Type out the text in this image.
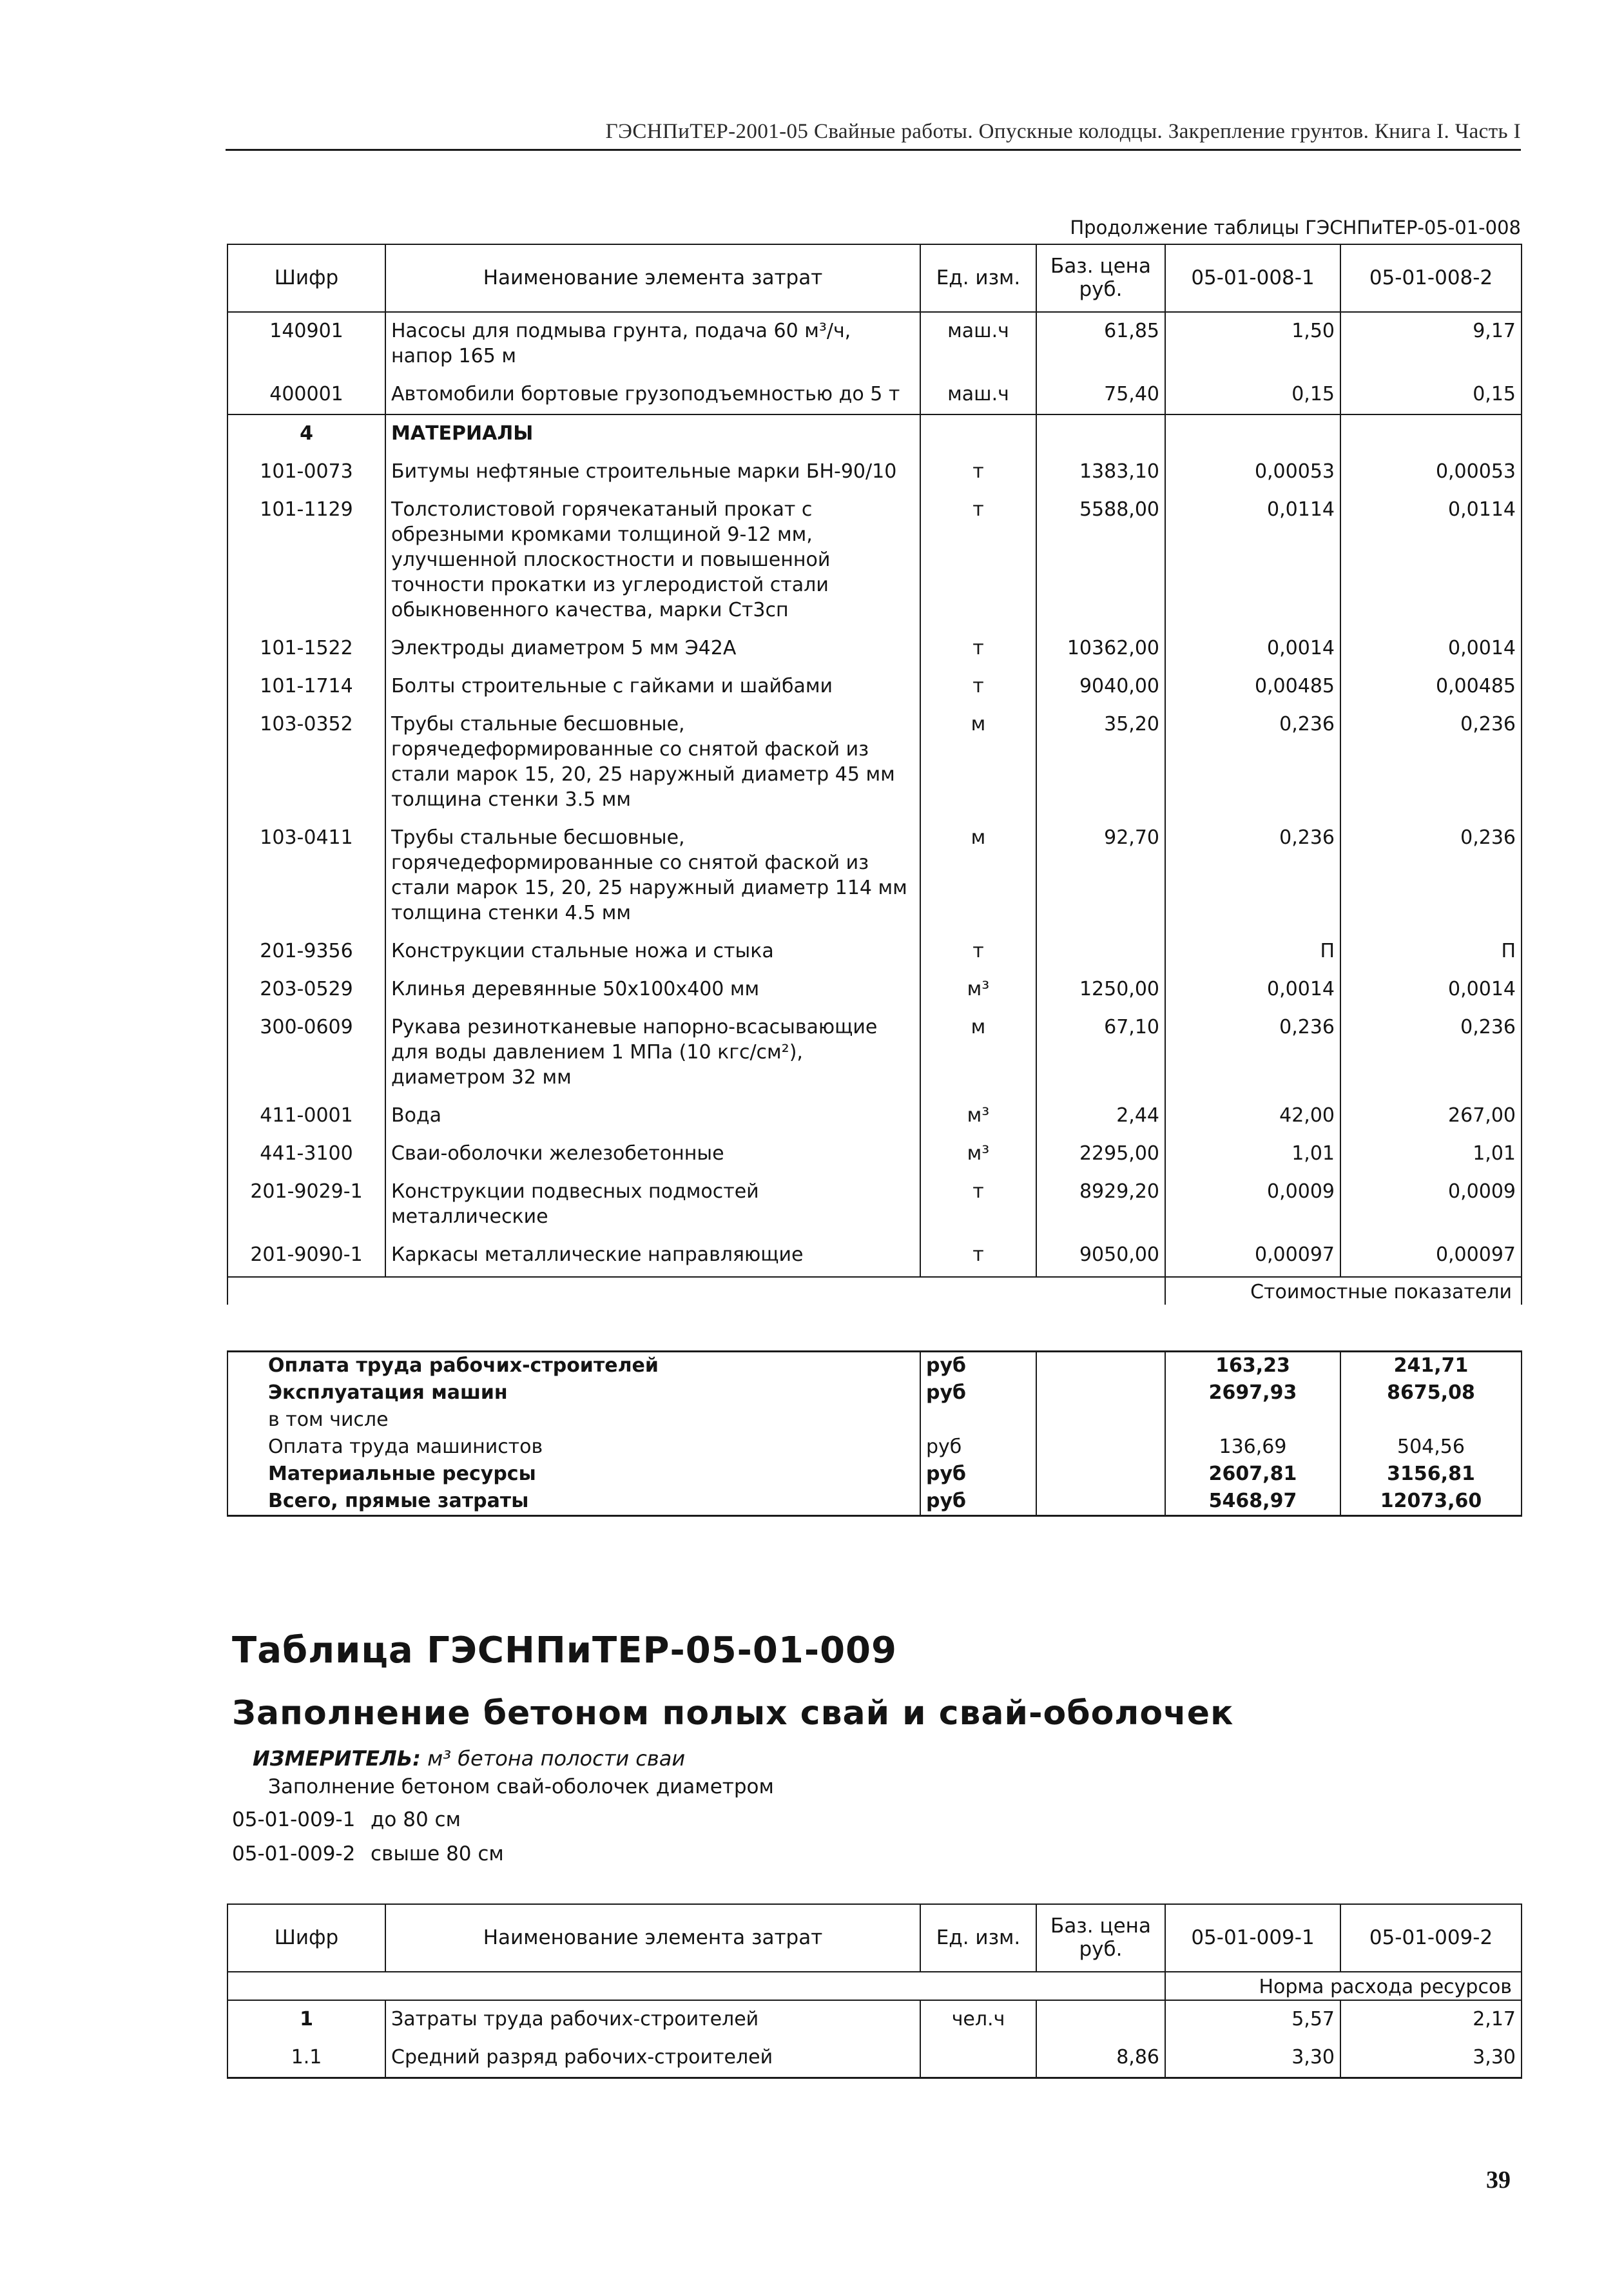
ГЭСНПиТЕР-2001-05 Свайные работы. Опускные колодцы. Закрепление грунтов. Книга I. Часть I
Продолжение таблицы ГЭСНПиТЕР-05-01-008
Шифр	Наименование элемента затрат	Ед. изм.	Баз. цена руб.	05-01-008-1	05-01-008-2
140901	Насосы для подмыва грунта, подача 60 м³/ч, напор 165 м	маш.ч	61,85	1,50	9,17
400001	Автомобили бортовые грузоподъемностью до 5 т	маш.ч	75,40	0,15	0,15
4	МАТЕРИАЛЫ				
101-0073	Битумы нефтяные строительные марки БН-90/10	т	1383,10	0,00053	0,00053
101-1129	Толстолистовой горячекатаный прокат с обрезными кромками толщиной 9-12 мм, улучшенной плоскостности и повышенной точности прокатки из углеродистой стали обыкновенного качества, марки Ст3сп	т	5588,00	0,0114	0,0114
101-1522	Электроды диаметром 5 мм Э42А	т	10362,00	0,0014	0,0014
101-1714	Болты строительные с гайками и шайбами	т	9040,00	0,00485	0,00485
103-0352	Трубы стальные бесшовные, горячедеформированные со снятой фаской из стали марок 15, 20, 25 наружный диаметр 45 мм толщина стенки 3.5 мм	м	35,20	0,236	0,236
103-0411	Трубы стальные бесшовные, горячедеформированные со снятой фаской из стали марок 15, 20, 25 наружный диаметр 114 мм толщина стенки 4.5 мм	м	92,70	0,236	0,236
201-9356	Конструкции стальные ножа и стыка	т		П	П
203-0529	Клинья деревянные 50х100х400 мм	м³	1250,00	0,0014	0,0014
300-0609	Рукава резинотканевые напорно-всасывающие для воды давлением 1 МПа (10 кгс/см²), диаметром 32 мм	м	67,10	0,236	0,236
411-0001	Вода	м³	2,44	42,00	267,00
441-3100	Сваи-оболочки железобетонные	м³	2295,00	1,01	1,01
201-9029-1	Конструкции подвесных подмостей металлические	т	8929,20	0,0009	0,0009
201-9090-1	Каркасы металлические направляющие	т	9050,00	0,00097	0,00097
				Стоимостные показатели	
Оплата труда рабочих-строителей	руб		163,23	241,71
Эксплуатация машин	руб		2697,93	8675,08
в том числе				
Оплата труда машинистов	руб		136,69	504,56
Материальные ресурсы	руб		2607,81	3156,81
Всего, прямые затраты	руб		5468,97	12073,60
Таблица ГЭСНПиТЕР-05-01-009
Заполнение бетоном полых свай и свай-оболочек
ИЗМЕРИТЕЛЬ: м³ бетона полости сваи
Заполнение бетоном свай-оболочек диаметром
05-01-009-1 до 80 см
05-01-009-2 свыше 80 см
Шифр	Наименование элемента затрат	Ед. изм.	Баз. цена руб.	05-01-009-1	05-01-009-2
				Норма расхода ресурсов	
1	Затраты труда рабочих-строителей	чел.ч		5,57	2,17
1.1	Средний разряд рабочих-строителей		8,86	3,30	3,30
39
